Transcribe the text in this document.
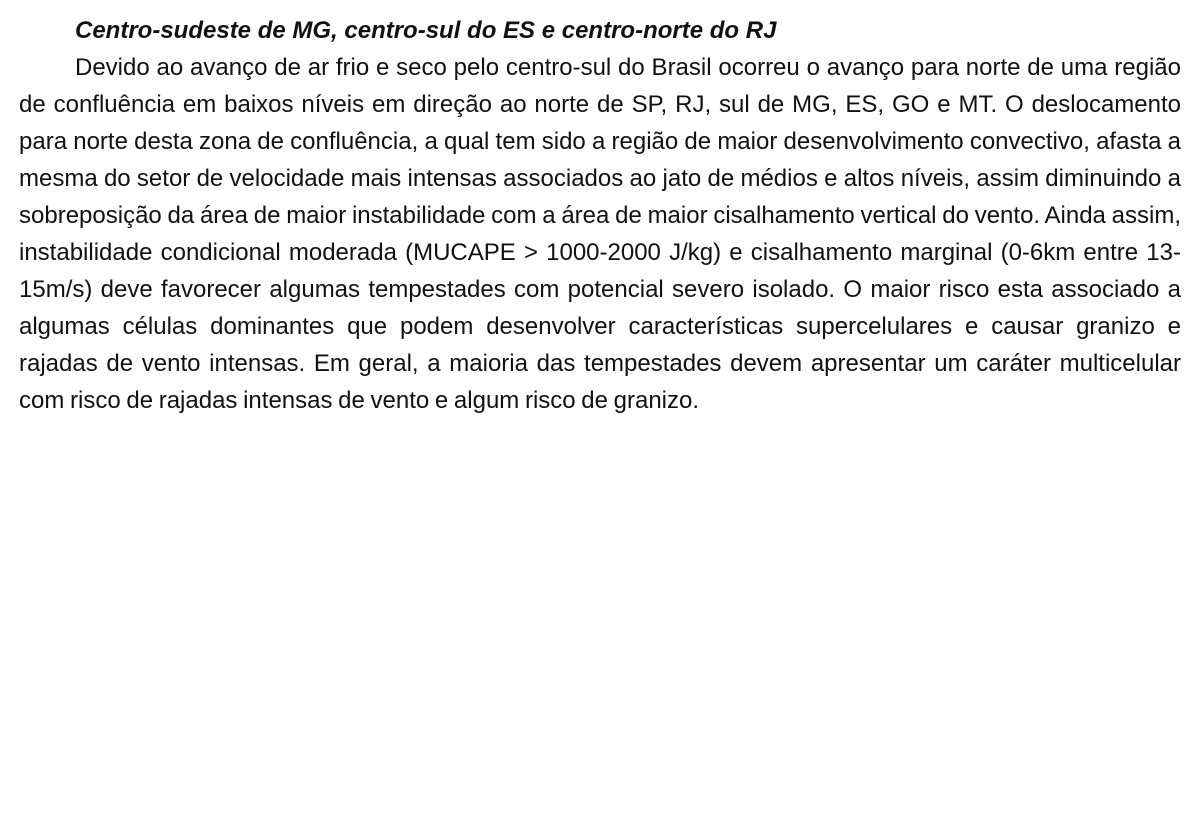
Centro-sudeste de MG, centro-sul do ES e centro-norte do RJ

Devido ao avanço de ar frio e seco pelo centro-sul do Brasil ocorreu o avanço para norte de uma região de confluência em baixos níveis em direção ao norte de SP, RJ, sul de MG, ES, GO e MT. O deslocamento para norte desta zona de confluência, a qual tem sido a região de maior desenvolvimento convectivo, afasta a mesma do setor de velocidade mais intensas associados ao jato de médios e altos níveis, assim diminuindo a sobreposição da área de maior instabilidade com a área de maior cisalhamento vertical do vento. Ainda assim, instabilidade condicional moderada (MUCAPE > 1000-2000 J/kg) e cisalhamento marginal (0-6km entre 13-15m/s) deve favorecer algumas tempestades com potencial severo isolado. O maior risco esta associado a algumas células dominantes que podem desenvolver características supercelulares e causar granizo e rajadas de vento intensas. Em geral, a maioria das tempestades devem apresentar um caráter multicelular com risco de rajadas intensas de vento e algum risco de granizo.
